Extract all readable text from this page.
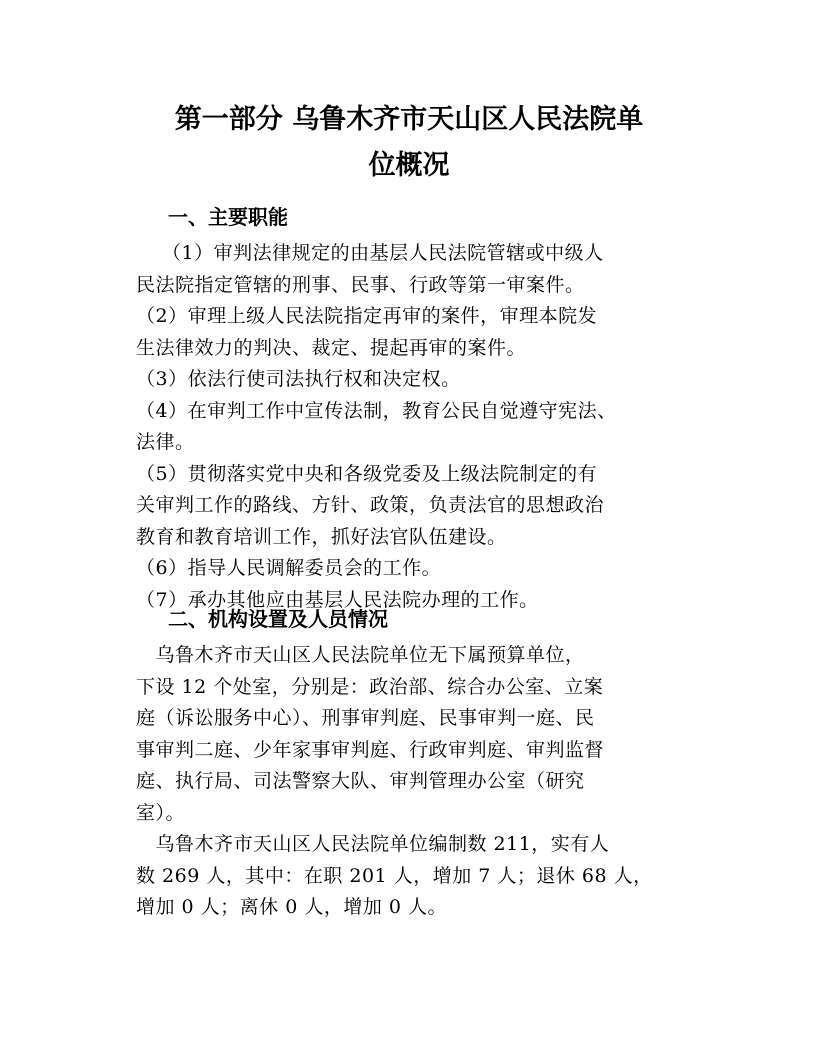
第一部分 乌鲁木齐市天山区人民法院单
位概况
一、主要职能
（1）审判法律规定的由基层人民法院管辖或中级人
民法院指定管辖的刑事、民事、行政等第一审案件。
（2）审理上级人民法院指定再审的案件，审理本院发
生法律效力的判决、裁定、提起再审的案件。
（3）依法行使司法执行权和决定权。
（4）在审判工作中宣传法制，教育公民自觉遵守宪法、
法律。
（5）贯彻落实党中央和各级党委及上级法院制定的有
关审判工作的路线、方针、政策，负责法官的思想政治
教育和教育培训工作，抓好法官队伍建设。
（6）指导人民调解委员会的工作。
（7）承办其他应由基层人民法院办理的工作。
二、机构设置及人员情况
　乌鲁木齐市天山区人民法院单位无下属预算单位，
下设 12 个处室，分别是：政治部、综合办公室、立案
庭（诉讼服务中心）、刑事审判庭、民事审判一庭、民
事审判二庭、少年家事审判庭、行政审判庭、审判监督
庭、执行局、司法警察大队、审判管理办公室（研究
室）。
　乌鲁木齐市天山区人民法院单位编制数 211，实有人
数 269 人，其中：在职 201 人，增加 7 人；退休 68 人，
增加 0 人；离休 0 人，增加 0 人。
